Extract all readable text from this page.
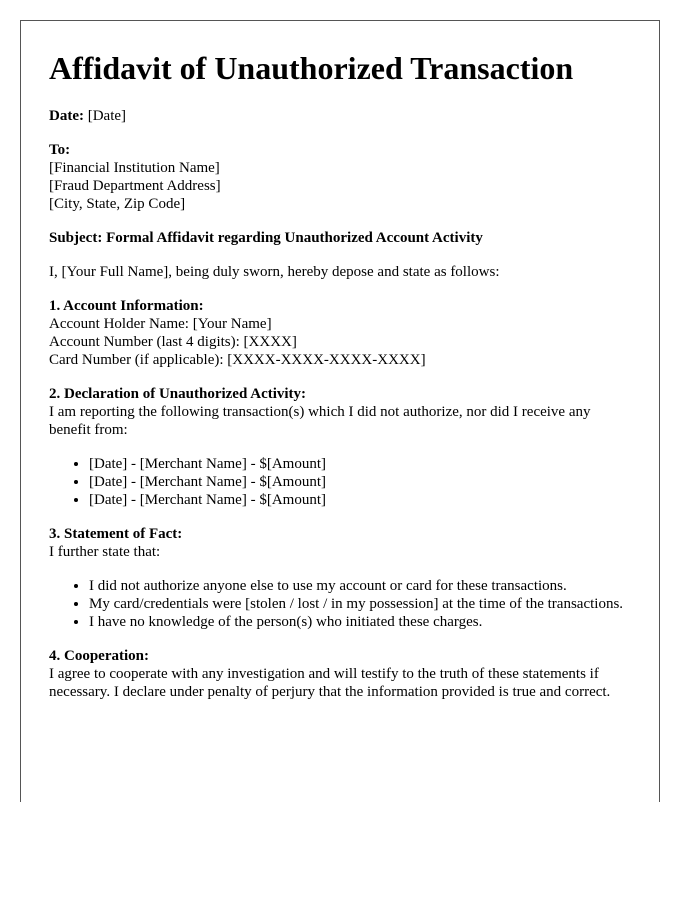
Affidavit of Unauthorized Transaction
Date: [Date]
To:
[Financial Institution Name]
[Fraud Department Address]
[City, State, Zip Code]
Subject: Formal Affidavit regarding Unauthorized Account Activity
I, [Your Full Name], being duly sworn, hereby depose and state as follows:
1. Account Information:
Account Holder Name: [Your Name]
Account Number (last 4 digits): [XXXX]
Card Number (if applicable): [XXXX-XXXX-XXXX-XXXX]
2. Declaration of Unauthorized Activity:
I am reporting the following transaction(s) which I did not authorize, nor did I receive any benefit from:
• [Date] - [Merchant Name] - $[Amount]
• [Date] - [Merchant Name] - $[Amount]
• [Date] - [Merchant Name] - $[Amount]
3. Statement of Fact:
I further state that:
• I did not authorize anyone else to use my account or card for these transactions.
• My card/credentials were [stolen / lost / in my possession] at the time of the transactions.
• I have no knowledge of the person(s) who initiated these charges.
4. Cooperation:
I agree to cooperate with any investigation and will testify to the truth of these statements if necessary. I declare under penalty of perjury that the information provided is true and correct.
